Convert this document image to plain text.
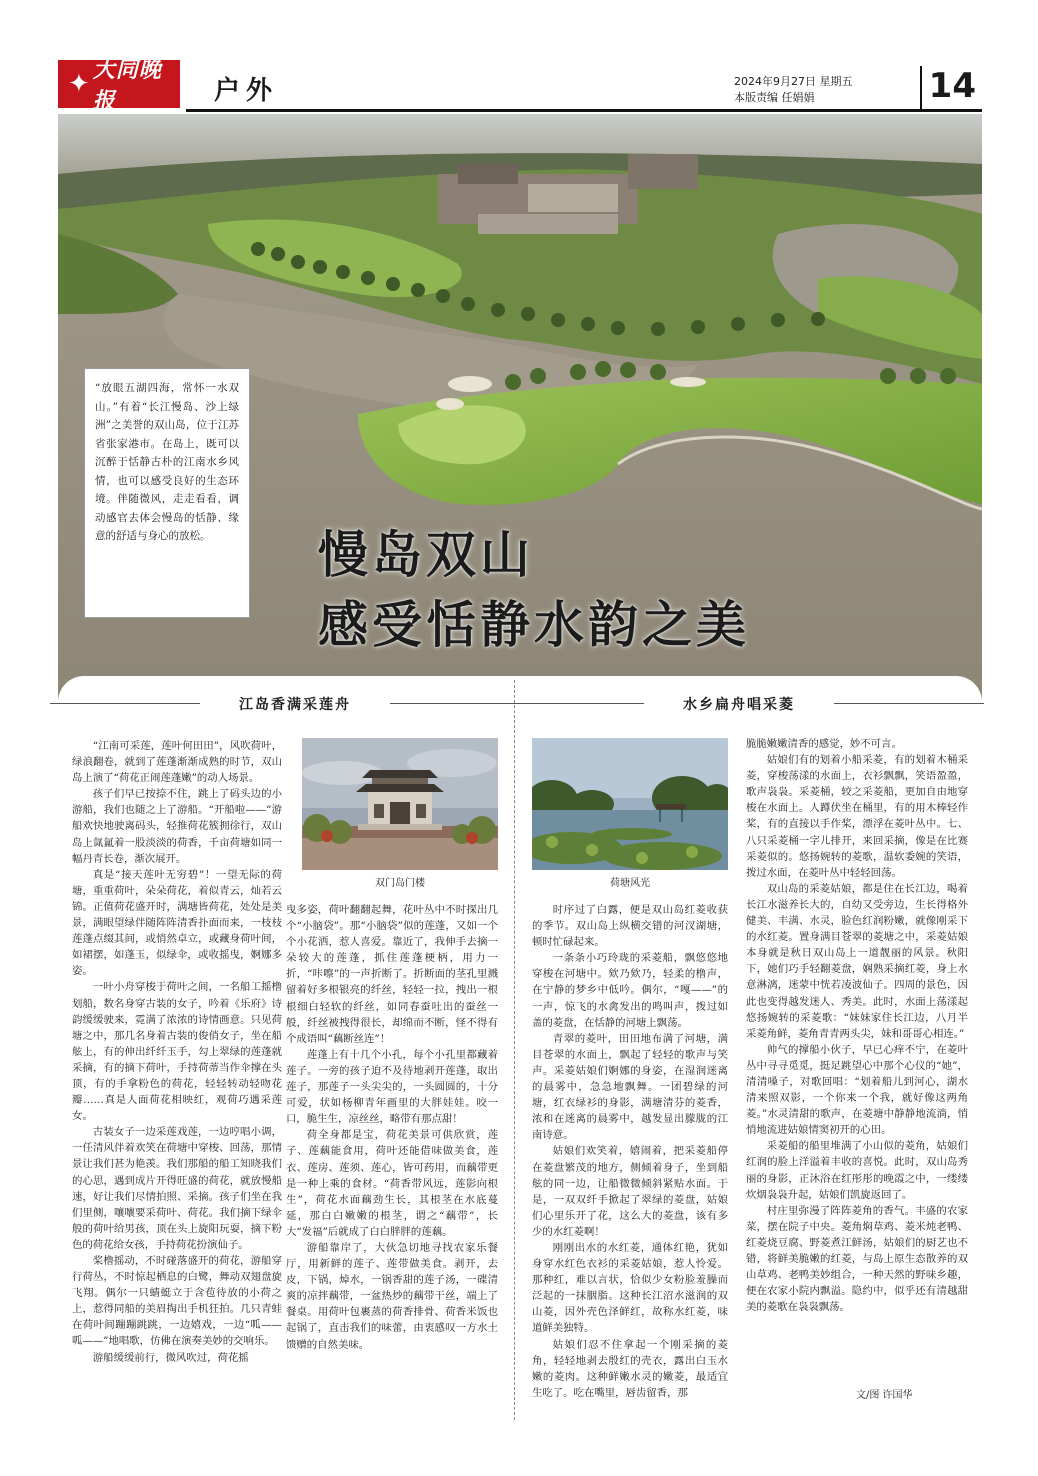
✦ 大同晚报	户外	2024年9月27日 星期五
本版责编 任娟娟	14
“放眼五湖四海，常怀一水双山。”有着“长江慢岛、沙上绿洲”之美誉的双山岛，位于江苏省张家港市。在岛上，既可以沉醉于恬静古朴的江南水乡风情，也可以感受良好的生态环境。伴随微风，走走看看，调动感官去体会慢岛的恬静、缘意的舒适与身心的放松。	慢岛双山
感受恬静水韵之美
江岛香满采莲舟

“江南可采莲，莲叶何田田”，风吹荷叶，绿浪翻卷，就到了莲蓬渐渐成熟的时节，双山岛上演了“荷花正闹莲蓬嫩”的动人场景。

孩子们早已按捺不住，跳上了码头边的小游船，我们也随之上了游船。“开船啦——”游船欢快地驶离码头，轻推荷花簇拥徐行，双山岛上氤氲着一股淡淡的荷香，千亩荷塘如同一幅丹青长卷，渐次展开。

真是“接天莲叶无穷碧”！一望无际的荷塘，重重荷叶，朵朵荷花，着似青云，灿若云锦。正值荷花盛开时，满塘皆荷花，处处是美景，满眼望绿伴随阵阵清香扑面而来，一枝枝莲蓬点缀其间，或悄然卓立，或藏身荷叶间，如裙摆，如蓬玉，似绿伞，或收摇曳，婀娜多姿。

一叶小舟穿梭于荷叶之间，一名船工摇橹划船，数名身穿古装的女子，吟着《乐府》诗韵缓缓驶来，霓满了浓浓的诗情画意。只见荷塘之中，那几名身着古装的俊俏女子，坐在船舷上，有的伸出纤纤玉手，勾上翠绿的莲蓬就采摘，有的摘下荷叶，手持荷蒂当作伞撑在头顶，有的手拿粉色的荷花，轻轻转动轻吻花瓣……真是人面荷花相映红，观荷巧遇采莲女。

古装女子一边采莲戏莲，一边哼唱小调，一任清风伴着欢笑在荷塘中穿梭、回荡，那情景让我们甚为艳羡。我们那船的船工知晓我们的心思，遇到成片开得旺盛的荷花，就放慢船速，好让我们尽情拍照、采摘。孩子们坐在我们里侧，嚷嚷要采荷叶、荷花。我们摘下绿伞般的荷叶给男孩，顶在头上旋阳玩耍，摘下粉色的荷花给女孩，手持荷花扮演仙子。

桨橹摇动，不时碰落盛开的荷花，游船穿行荷丛，不时惊起栖息的白鹭，舞动双翅盘旋飞翔。偶尔一只蜻蜓立于含苞待放的小荷之上，惹得同船的美眉掏出手机狂拍。几只青蛙在荷叶间蹦蹦跳跳，一边嬉戏，一边“呱——呱——”地唱歌，仿佛在演奏美妙的交响乐。

游船缓缓前行，微风吹过，荷花摇

双门岛门楼

曳多姿，荷叶翻翻起舞，花叶丛中不时探出几个“小脑袋”。那“小脑袋”似的莲蓬，又如一个个小花洒，惹人喜爱。靠近了，我伸手去摘一朵较大的莲蓬，抓住莲蓬梗柄，用力一折，“咔嚓”的一声折断了。折断面的茎孔里溅留着好多根银亮的纤丝，轻轻一拉，拽出一根根细白轻软的纤丝，如同春蚕吐出的蚕丝一般，纤丝被拽得很长，却绵而不断，怪不得有个成语叫“藕断丝连”！

莲蓬上有十几个小孔，每个小孔里都藏着莲子。一旁的孩子迫不及待地剥开莲蓬，取出莲子，那莲子一头尖尖的，一头圆圆的，十分可爱，状如杨柳青年画里的大胖娃娃。咬一口，脆生生，凉丝丝，略带有那点甜！

荷全身都是宝，荷花美景可供欣赏，莲子、莲藕能食用，荷叶还能借味做美食，莲衣、莲房、莲须、莲心，皆可药用，而藕带更是一种上乘的食材。“荷香带风远，莲影向根生”，荷花水面藕劲生长，其根茎在水底蔓延，那白白嫩嫩的根茎，谓之“藕带”，长大“发福”后就成了白白胖胖的莲藕。

游船靠岸了，大伙急切地寻找农家乐餐厅，用新鲜的莲子、莲带做美食。剥开，去皮，下锅，焯水，一锅香甜的莲子汤，一碟清爽的凉拌藕带，一盆热炒的藕带干丝，端上了餐桌。用荷叶包裹蒸的荷香排骨、荷香米饭也起锅了，直击我们的味蕾，由衷感叹一方水土馈赠的自然美味。

水乡扁舟唱采菱
荷塘风光

时序过了白露，便是双山岛红菱收获的季节。双山岛上纵横交错的河汊湖塘，顿时忙碌起来。

一条条小巧玲珑的采菱船，飘悠悠地穿梭在河塘中。欸乃欸乃，轻柔的橹声，在宁静的梦乡中低吟。偶尔，“嘎——”的一声，惊飞的水禽发出的鸣叫声，拨过如盖的菱盘，在恬静的河塘上飘荡。

青翠的菱叶，田田地布满了河塘，满目苍翠的水面上，飘起了轻轻的歌声与笑声。采菱姑娘们婀娜的身姿，在湿润迷离的晨雾中，急急地飘舞。一团碧绿的河塘，红衣绿衫的身影，满塘清芬的菱香，浓和在迷离的晨雾中，越发显出朦胧的江南诗意。

姑娘们欢笑着，嬉闹着，把采菱船停在菱盘繁茂的地方，侧倾着身子，坐到船舷的同一边，让船微微倾斜紧贴水面。于是，一双双纤手掀起了翠绿的菱盘，姑娘们心里乐开了花，这么大的菱盘，该有多少的水红菱啊！

刚刚出水的水红菱，通体红艳，犹如身穿水红色衣衫的采菱姑娘，惹人怜爱。那种红，难以言状，恰似少女粉脸羞臊而泛起的一抹胭脂。这种长江沼水滋润的双山菱，因外壳色泽鲜红，故称水红菱，味道鲜美独特。

姑娘们忍不住拿起一个刚采摘的菱角，轻轻地剥去殷红的壳衣，露出白玉水嫩的菱肉。这种鲜嫩水灵的嫩菱，最适宜生吃了。吃在嘴里，唇齿留香，那

脆脆嫩嫩清香的感觉，妙不可言。

姑娘们有的划着小船采菱，有的划着木桶采菱，穿梭荡漾的水面上，衣衫飘飘，笑语盈盈，歌声袅袅。采菱桶，较之采菱船，更加自由地穿梭在水面上。人蹲伏坐在桶里，有的用木棒轻作桨，有的直接以手作桨，漂浮在菱叶丛中。七、八只采菱桶一字儿排开，来回采摘，像是在比赛采菱似的。悠扬婉转的菱歌，温软委婉的笑语，拨过水面，在菱叶丛中轻轻回荡。

双山岛的采菱姑娘，都是住在长江边，喝着长江水滋养长大的，自幼又受旁边，生长得格外健美、丰满、水灵，脸色红润粉嫩，就像刚采下的水红菱。置身满目苍翠的菱塘之中，采菱姑娘本身就是秋日双山岛上一道靓丽的风景。秋阳下，她们巧手轻翻菱盘，娴熟采摘红菱，身上水意淋漓，迷蒙中恍若凌波仙子。四周的景色，因此也变得越发迷人、秀美。此时，水面上荡漾起悠扬婉转的采菱歌：“妹妹家住长江边，八月半采菱角鲜，菱角青青两头尖，妹和哥哥心相连。”

帅气的撑船小伙子，早已心痒不宁，在菱叶丛中寻寻觅觅，挺足跳望心中那个心仪的“她”，清清嗓子，对歌回唱：“划着船儿到河心，湖水清来照双影，一个你来一个我，就好像这两角菱。”水灵清甜的歌声，在菱塘中静静地流淌，悄悄地流进姑娘情窦初开的心田。

采菱船的船里堆满了小山似的菱角，姑娘们红润的脸上洋溢着丰收的喜悦。此时，双山岛秀丽的身影，正沐浴在红彤彤的晚霞之中，一缕缕炊烟袅袅升起，姑娘们凯旋返回了。

村庄里弥漫了阵阵菱角的香气。丰盛的农家菜，摆在院子中央。菱角焖草鸡、菱米炖老鸭、红菱烧豆腐、野菱煮江鲜汤，姑娘们的厨艺也不错，将鲜美脆嫩的红菱，与岛上原生态散养的双山草鸡、老鸭美妙组合，一种天然的野味乡趣，便在农家小院内飘溢。隐约中，似乎还有清越甜美的菱歌在袅袅飘荡。

文/图 许国华
